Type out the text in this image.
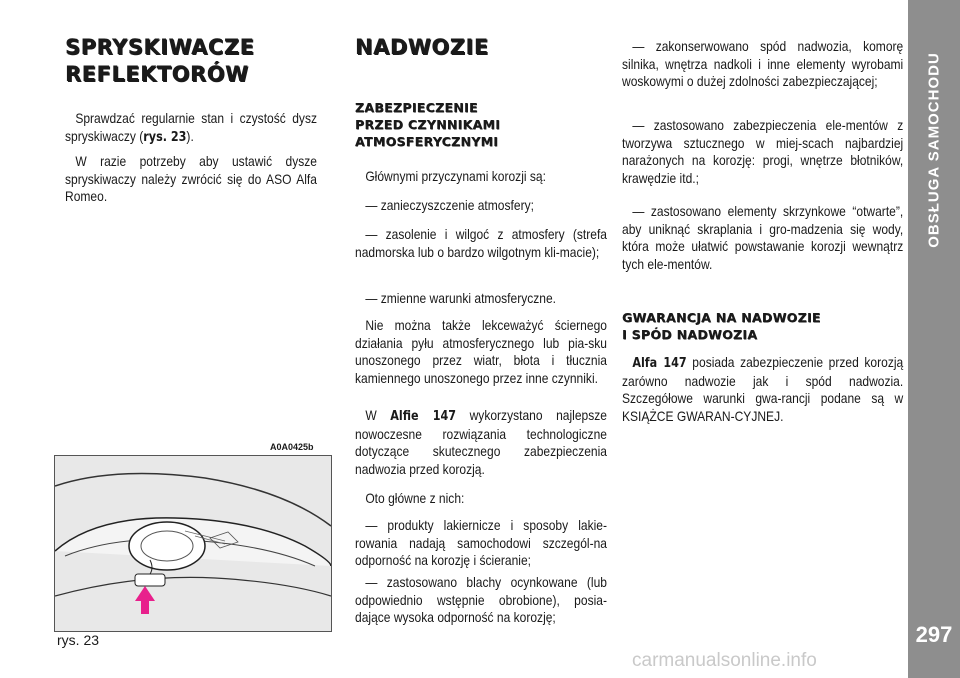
OBSŁUGA SAMOCHODU
297
SPRYSKIWACZE
REFLEKTORÓW
Sprawdzać regularnie stan i czystość dysz spryskiwaczy (rys. 23).
W razie potrzeby aby ustawić dysze spryskiwaczy należy zwrócić się do ASO Alfa Romeo.
A0A0425b
rys. 23
NADWOZIE
ZABEZPIECZENIE
PRZED CZYNNIKAMI
ATMOSFERYCZNYMI
Głównymi przyczynami korozji są:
— zanieczyszczenie atmosfery;
— zasolenie i wilgoć z atmosfery (strefa nadmorska lub o bardzo wilgotnym kli-macie);
— zmienne warunki atmosferyczne.
Nie można także lekceważyć ściernego działania pyłu atmosferycznego lub pia-sku unoszonego przez wiatr, błota i tłucznia kamiennego unoszonego przez inne czynniki.
W Alfie 147 wykorzystano najlepsze nowoczesne rozwiązania technologiczne dotyczące skutecznego zabezpieczenia nadwozia przed korozją.
Oto główne z nich:
— produkty lakiernicze i sposoby lakie-rowania nadają samochodowi szczegól-na odporność na korozję i ścieranie;
— zastosowano blachy ocynkowane (lub odpowiednio wstępnie obrobione), posia-dające wysoka odporność na korozję;
— zakonserwowano spód nadwozia, komorę silnika, wnętrza nadkoli i inne elementy wyrobami woskowymi o dużej zdolności zabezpieczającej;
— zastosowano zabezpieczenia ele-mentów z tworzywa sztucznego w miej-scach najbardziej narażonych na korozję: progi, wnętrze błotników, krawędzie itd.;
— zastosowano elementy skrzynkowe “otwarte”, aby uniknąć skraplania i gro-madzenia się wody, która może ułatwić powstawanie korozji wewnątrz tych ele-mentów.
GWARANCJA NA NADWOZIE
I SPÓD NADWOZIA
Alfa 147 posiada zabezpieczenie przed korozją zarówno nadwozie jak i spód nadwozia. Szczegółowe warunki gwa-rancji podane są w KSIĄŻCE GWARAN-CYJNEJ.
carmanualsonline.info
